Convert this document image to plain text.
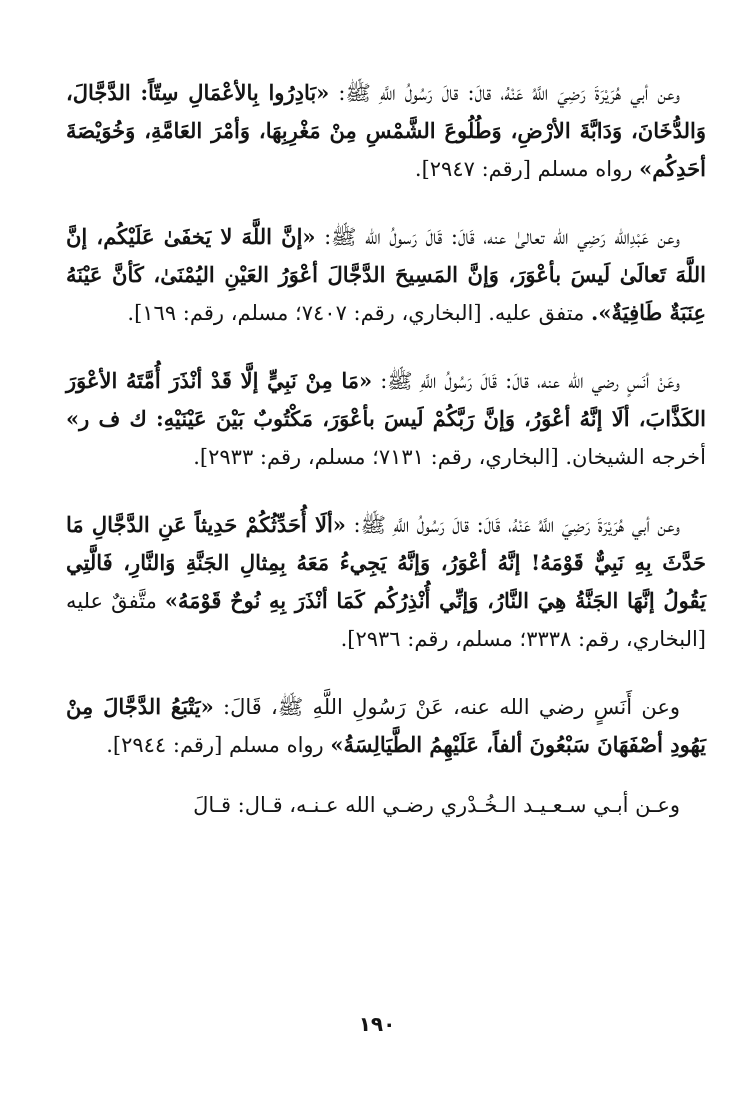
وعن أبي هُرَيْرَةَ رَضِيَ اللَّهُ عَنْهُ، قالَ: قالَ رَسُولُ اللَّهِ ﷺ: «بَادِرُوا بِالأعْمَالِ سِتّاً: الدَّجَّالَ، وَالدُّخَانَ، وَدَابَّةَ الأرْضِ، وَطُلُوعَ الشَّمْسِ مِنْ مَغْرِبِهَا، وَأمْرَ العَامَّةِ، وَخُوَيْصَةَ أحَدِكُم» رواه مسلم [رقم: ٢٩٤٧].

وعن عَبْدِالله رَضِي الله تعالىٰ عنه، قَالَ: قَالَ رَسولُ الله ﷺ: «إنَّ اللَّهَ لا يَخفَىٰ عَلَيْكُم، إنَّ اللَّهَ تَعالَىٰ لَيسَ بأعْوَرَ، وَإنَّ المَسِيحَ الدَّجَّالَ أعْوَرُ العَيْنِ اليُمْنَىٰ، كَأنَّ عَيْنَهُ عِنَبَةٌ طَافِيَةٌ». متفق عليه. [البخاري، رقم: ٧٤٠٧؛ مسلم، رقم: ١٦٩].

وعَنْ أنَسٍ رضي الله عنه، قالَ: قَالَ رَسُولُ اللَّهِ ﷺ: «مَا مِنْ نَبِيٍّ إلَّا قَدْ أنْذَرَ أُمَّتَهُ الأعْوَرَ الكَذَّابَ، ألَا إنَّهُ أعْوَرُ، وَإنَّ رَبَّكُمْ لَيسَ بأعْوَرَ، مَكْتُوبٌ بَيْنَ عَيْنَيْهِ: ك ف ر» أخرجه الشيخان. [البخاري، رقم: ٧١٣١؛ مسلم، رقم: ٢٩٣٣].

وعن أبي هُرَيْرَةَ رَضِيَ اللَّهُ عَنْهُ، قَالَ: قالَ رَسُولُ اللَّهِ ﷺ: «ألَا أُحَدِّثُكُمْ حَدِيثاً عَنِ الدَّجَّالِ مَا حَدَّثَ بِهِ نَبِيٌّ قَوْمَهُ! إنَّهُ أعْوَرُ، وَإنَّهُ يَجِيءُ مَعَهُ بِمِثالِ الجَنَّةِ وَالنَّارِ، فَالَّتِي يَقُولُ إنَّهَا الجَنَّةُ هِيَ النَّارُ، وَإنِّي أُنْذِرُكُم كَمَا أنْذَرَ بِهِ نُوحٌ قَوْمَهُ» متَّفقٌ عليه [البخاري، رقم: ٣٣٣٨؛ مسلم، رقم: ٢٩٣٦].

وعن أَنَسٍ رضي الله عنه، عَنْ رَسُولِ اللَّهِ ﷺ، قَالَ: «يَتْبَعُ الدَّجَّالَ مِنْ يَهُودِ أصْفَهَانَ سَبْعُونَ ألفاً، عَلَيْهِمُ الطَّيَالِسَةُ» رواه مسلم [رقم: ٢٩٤٤].

وعـن أبـي سـعـيـد الـخُـدْري رضـي الله عـنـه، قـال: قـالَ

١٩٠
